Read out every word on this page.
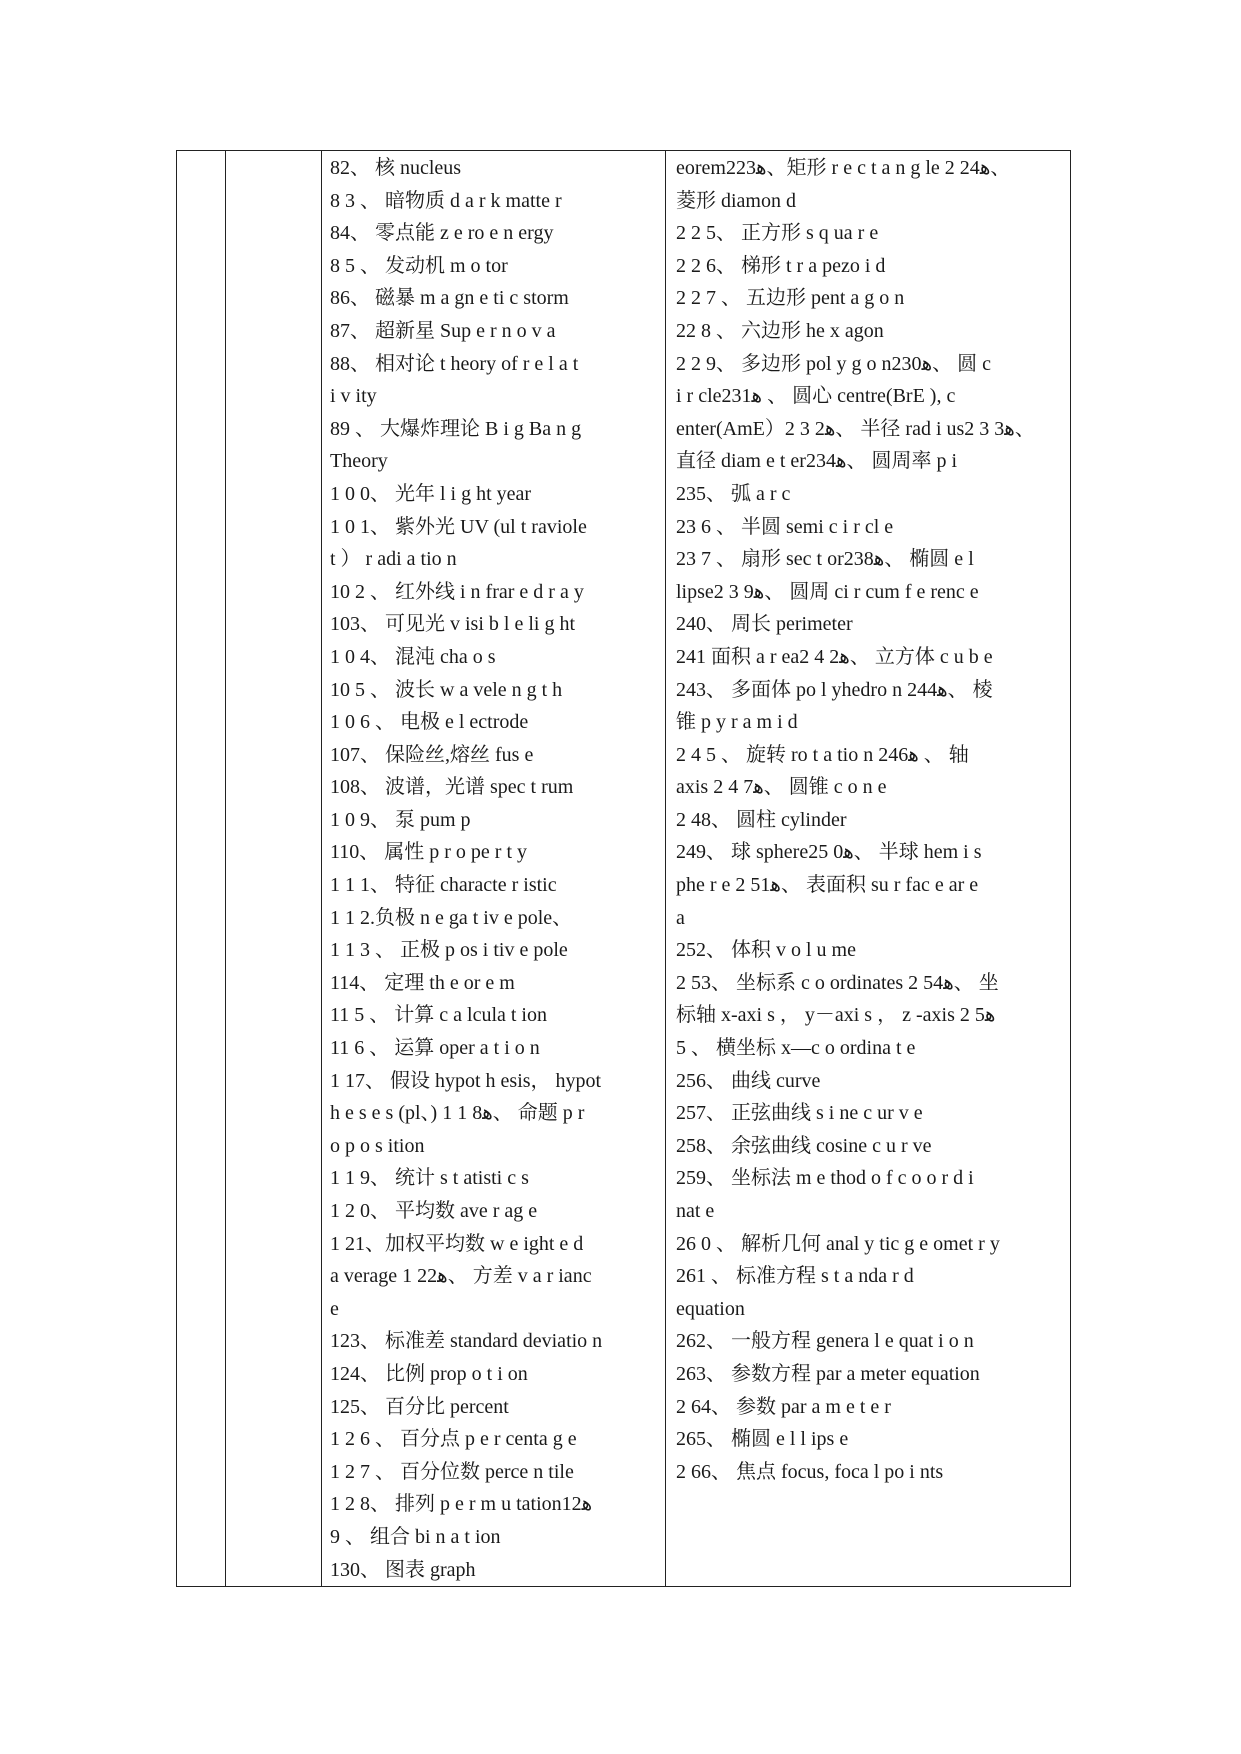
82、 核 nucleus
8 3 、 暗物质 d a r k matte r
84、 零点能 z e ro e n ergy
8 5 、 发动机 m o tor
86、 磁暴 m a gn e ti c storm
87、 超新星 Sup e r n o v a
88、 相对论 t heory of r e l a t
i v ity
89 、 大爆炸理论 B i g Ba n g
Theory
1 0 0、 光年 l i g ht year
1 0 1、 紫外光 UV (ul t raviole
t ） r adi a tio n
10 2 、 红外线 i n frar e d r a y
103、 可见光 v isi b l e li g ht
1 0 4、 混沌 cha o s
10 5 、 波长 w a vele n g t h
1 0 6 、 电极 e l ectrode
107、 保险丝,熔丝 fus e
108、 波谱，光谱 spec t rum
1 0 9、 泵 pum p
110、 属性 p r o pe r t y
1 1 1、 特征 characte r istic
1 1 2.负极 n e ga t iv e pole、
1 1 3 、 正极 p os i tiv e pole
114、 定理 th e or e m
11 5 、 计算 c a lcula t ion
11 6 、 运算 oper a t i o n
1 17、 假设 hypot h esis， hypot
h e s e s (pl、) 1 1 8ﻫ、 命题 p r
o p o s ition
1 1 9、 统计 s t atisti c s
1 2 0、 平均数 ave r ag e
1 21、加权平均数 w e ight e d
a verage 1 22ﻫ、 方差 v a r ianc
e
123、 标准差 standard deviatio n
124、 比例 prop o t i on
125、 百分比 percent
1 2 6 、 百分点 p e r centa g e
1 2 7 、 百分位数 perce n tile
1 2 8、 排列 p e r m u tation12ﻫ
9 、 组合 bi n a t ion
130、 图表 graph

eorem223ﻫ、矩形 r e c t a n g le 2 24ﻫ、
菱形 diamon d
2 2 5、 正方形 s q ua r e
2 2 6、 梯形 t r a pezo i d
2 2 7 、 五边形 pent a g o n
22 8 、 六边形 he x agon
2 2 9、 多边形 pol y g o n230ﻫ、 圆 c
i r cle231ﻫ 、 圆心 centre(BrE ), c
enter(AmE）2 3 2ﻫ、 半径 rad i us2 3 3ﻫ、
直径 diam e t er234ﻫ、 圆周率 p i
235、 弧 a r c
23 6 、 半圆 semi c i r cl e
23 7 、 扇形 sec t or238ﻫ、 椭圆 e l
lipse2 3 9ﻫ、 圆周 ci r cum f e renc e
240、 周长 perimeter
241 面积 a r ea2 4 2ﻫ、 立方体 c u b e
243、 多面体 po l yhedro n 244ﻫ、 棱
锥 p y r a m i d
2 4 5 、 旋转 ro t a tio n 246ﻫ 、 轴
axis 2 4 7ﻫ、 圆锥 c o n e
2 48、 圆柱 cylinder
249、 球 sphere25 0ﻫ、 半球 hem i s
phe r e 2 51ﻫ、 表面积 su r fac e ar e
a
252、 体积 v o l u me
2 53、 坐标系 c o ordinates 2 54ﻫ、 坐
标轴 x-axi s ， y－axi s ， z -axis 2 5ﻫ
5 、 横坐标 x—c o ordina t e
256、 曲线 curve
257、 正弦曲线 s i ne c ur v e
258、 余弦曲线 cosine c u r ve
259、 坐标法 m e thod o f c o o r d i
nat e
26 0 、 解析几何 anal y tic g e omet r y
261 、 标准方程 s t a nda r d
equation
262、 一般方程 genera l e quat i o n
263、 参数方程 par a meter equation
2 64、 参数 par a m e t e r
265、 椭圆 e l l ips e
2 66、 焦点 focus, foca l po i nts
